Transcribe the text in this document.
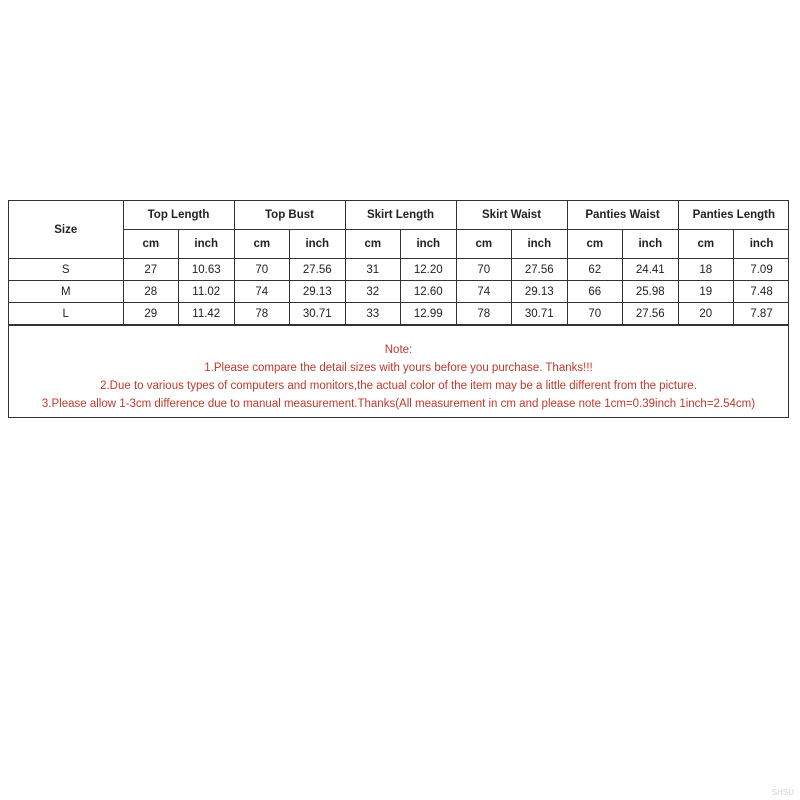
Size	Top Length		Top Bust		Skirt Length		Skirt Waist		Panties Waist		Panties Length	
	cm	inch	cm	inch	cm	inch	cm	inch	cm	inch	cm	inch
S	27	10.63	70	27.56	31	12.20	70	27.56	62	24.41	18	7.09
M	28	11.02	74	29.13	32	12.60	74	29.13	66	25.98	19	7.48
L	29	11.42	78	30.71	33	12.99	78	30.71	70	27.56	20	7.87
Note:
1.Please compare the detail sizes with yours before you purchase. Thanks!!!
2.Due to various types of computers and monitors,the actual color of the item may be a little different from the picture.
3.Please allow 1-3cm difference due to manual measurement.Thanks(All measurement in cm and please note 1cm=0.39inch 1inch=2.54cm)
SHSU
